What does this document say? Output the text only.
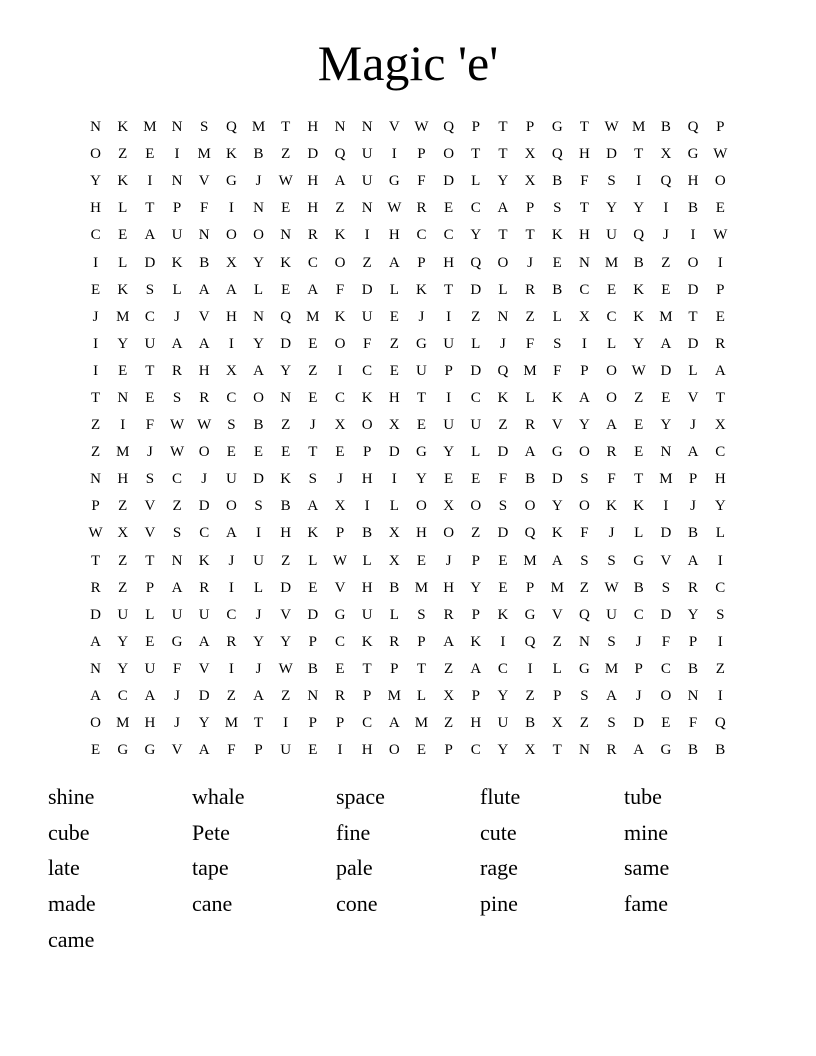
Magic 'e'
N	K	M	N	S	Q	M	T	H	N	N	V	W	Q	P	T	P	G	T	W	M	B	Q	P
O	Z	E	I	M	K	B	Z	D	Q	U	I	P	O	T	T	X	Q	H	D	T	X	G	W
Y	K	I	N	V	G	J	W	H	A	U	G	F	D	L	Y	X	B	F	S	I	Q	H	O
H	L	T	P	F	I	N	E	H	Z	N	W	R	E	C	A	P	S	T	Y	Y	I	B	E
C	E	A	U	N	O	O	N	R	K	I	H	C	C	Y	T	T	K	H	U	Q	J	I	W
I	L	D	K	B	X	Y	K	C	O	Z	A	P	H	Q	O	J	E	N	M	B	Z	O	I
E	K	S	L	A	A	L	E	A	F	D	L	K	T	D	L	R	B	C	E	K	E	D	P
J	M	C	J	V	H	N	Q	M	K	U	E	J	I	Z	N	Z	L	X	C	K	M	T	E
I	Y	U	A	A	I	Y	D	E	O	F	Z	G	U	L	J	F	S	I	L	Y	A	D	R
I	E	T	R	H	X	A	Y	Z	I	C	E	U	P	D	Q	M	F	P	O	W	D	L	A
T	N	E	S	R	C	O	N	E	C	K	H	T	I	C	K	L	K	A	O	Z	E	V	T
Z	I	F	W	W	S	B	Z	J	X	O	X	E	U	U	Z	R	V	Y	A	E	Y	J	X
Z	M	J	W	O	E	E	E	T	E	P	D	G	Y	L	D	A	G	O	R	E	N	A	C
N	H	S	C	J	U	D	K	S	J	H	I	Y	E	E	F	B	D	S	F	T	M	P	H
P	Z	V	Z	D	O	S	B	A	X	I	L	O	X	O	S	O	Y	O	K	K	I	J	Y
W	X	V	S	C	A	I	H	K	P	B	X	H	O	Z	D	Q	K	F	J	L	D	B	L
T	Z	T	N	K	J	U	Z	L	W	L	X	E	J	P	E	M	A	S	S	G	V	A	I
R	Z	P	A	R	I	L	D	E	V	H	B	M	H	Y	E	P	M	Z	W	B	S	R	C
D	U	L	U	U	C	J	V	D	G	U	L	S	R	P	K	G	V	Q	U	C	D	Y	S
A	Y	E	G	A	R	Y	Y	P	C	K	R	P	A	K	I	Q	Z	N	S	J	F	P	I
N	Y	U	F	V	I	J	W	B	E	T	P	T	Z	A	C	I	L	G	M	P	C	B	Z
A	C	A	J	D	Z	A	Z	N	R	P	M	L	X	P	Y	Z	P	S	A	J	O	N	I
O	M	H	J	Y	M	T	I	P	P	C	A	M	Z	H	U	B	X	Z	S	D	E	F	Q
E	G	G	V	A	F	P	U	E	I	H	O	E	P	C	Y	X	T	N	R	A	G	B	B
shine	whale	space	flute	tube
cube	Pete	fine	cute	mine
late	tape	pale	rage	same
made	cane	cone	pine	fame
came
